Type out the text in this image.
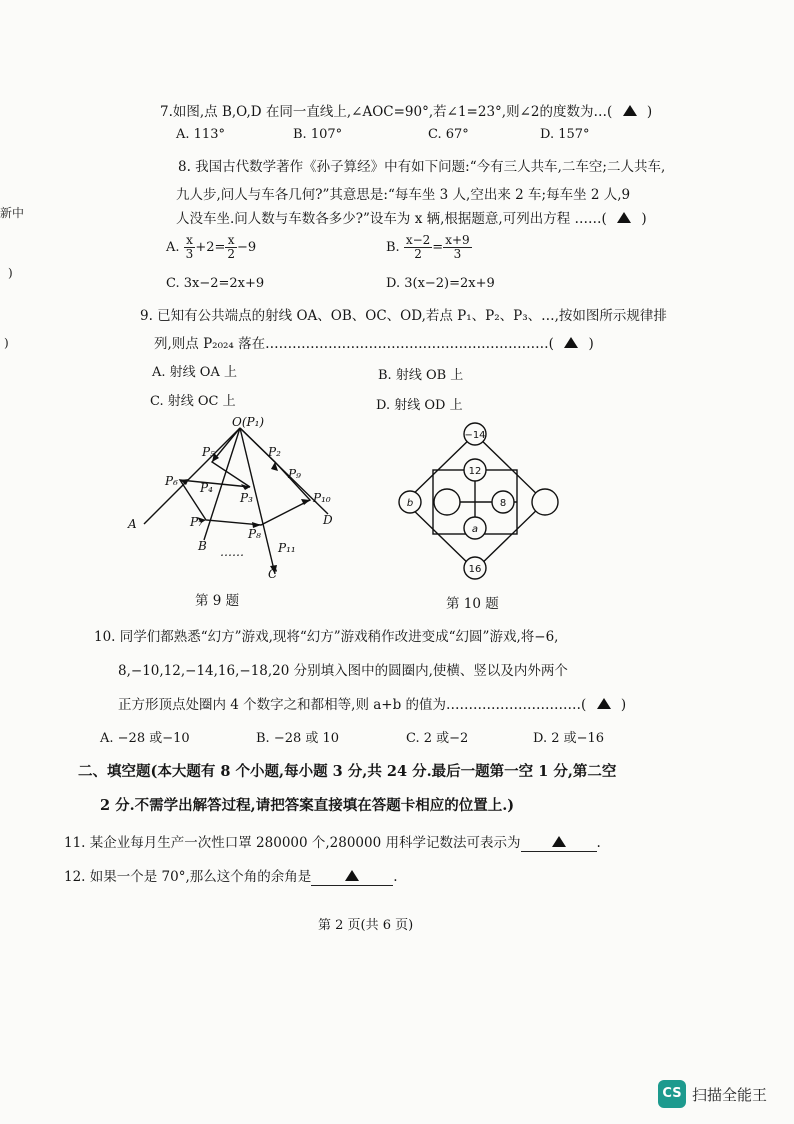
新中
)
)
7.如图,点 B,O,D 在同一直线上,∠AOC=90°,若∠1=23°,则∠2的度数为…(	)
A. 113°	B. 107°	C. 67°	D. 157°
8. 我国古代数学著作《孙子算经》中有如下问题:“今有三人共车,二车空;二人共车,
九人步,问人与车各几何?”其意思是:“每车坐 3 人,空出来 2 车;每车坐 2 人,9
人没车坐.问人数与车数各多少?”设车为 x 辆,根据题意,可列出方程 ……(	)
A. $\frac{x}{3} +2= \frac{x}{2} -9$	B. $\frac{x-2}{2} = \frac{x+9}{3}$
C. 3x−2=2x+9	D. 3(x−2)=2x+9
9. 已知有公共端点的射线 OA、OB、OC、OD,若点 P₁、P₂、P₃、…,按如图所示规律排
列,则点 P₂₀₂₄ 落在………………………………………………………(	)
A. 射线 OA 上	B. 射线 OB 上
C. 射线 OC 上	D. 射线 OD 上
O(P₁)
A
B
C
D
P₅	P₂
P₄
P₃
P₆	P₉
P₁₀
P₇
P₈
P₁₁
……
第 9 题
−14
12
b	8
a
16
第 10 题
10. 同学们都熟悉“幻方”游戏,现将“幻方”游戏稍作改进变成“幻圆”游戏,将−6,
8,−10,12,−14,16,−18,20 分别填入图中的圆圈内,使横、竖以及内外两个
正方形顶点处圈内 4 个数字之和都相等,则 a+b 的值为…………………………(	)
A. −28 或−10	B. −28 或 10	C. 2 或−2	D. 2 或−16
二、填空题(本大题有 8 个小题,每小题 3 分,共 24 分.最后一题第一空 1 分,第二空
2 分.不需学出解答过程,请把答案直接填在答题卡相应的位置上.)
11. 某企业每月生产一次性口罩 280000 个,280000 用科学记数法可表示为	.
12. 如果一个是 70°,那么这个角的余角是	.
第 2 页(共 6 页)
CS 扫描全能王
